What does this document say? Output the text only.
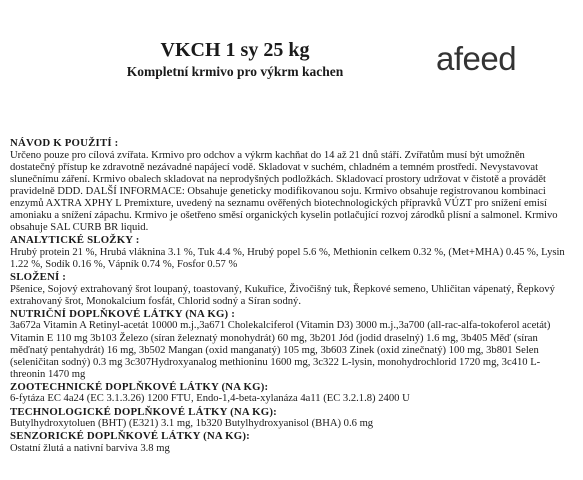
VKCH 1 sy 25 kg
Kompletní krmivo pro výkrm kachen	afeed
NÁVOD K POUŽITÍ :

Určeno pouze pro cílová zvířata. Krmivo pro odchov a výkrm kachňat do 14 až 21 dnů stáří. Zvířatům musí být umožněn dostatečný přístup ke zdravotně nezávadné napájecí vodě. Skladovat v suchém, chladném a temném prostředí. Nevystavovat slunečnímu záření. Krmivo obalech skladovat na neprodyšných podložkách. Skladovací prostory udržovat v čistotě a provádět pravidelně DDD. DALŠÍ INFORMACE: Obsahuje geneticky modifikovanou soju. Krmivo obsahuje registrovanou kombinaci enzymů AXTRA XPHY L Premixture, uvedený na seznamu ověřených biotechnologických přípravků VÚZT pro snížení emisí amoniaku a snížení zápachu. Krmivo je ošetřeno směsí organických kyselin potlačující rozvoj zárodků plísní a salmonel. Krmivo obsahuje SAL CURB BR liquid.

ANALYTICKÉ SLOŽKY :

Hrubý protein 21 %, Hrubá vláknina 3.1 %, Tuk 4.4 %, Hrubý popel 5.6 %, Methionin celkem 0.32 %, (Met+MHA) 0.45 %, Lysin 1.22 %, Sodík 0.16 %, Vápník 0.74 %, Fosfor 0.57 %

SLOŽENÍ :

Pšenice, Sojový extrahovaný šrot loupaný, toastovaný, Kukuřice, Živočišný tuk, Řepkové semeno, Uhličitan vápenatý, Řepkový extrahovaný šrot, Monokalcium fosfát, Chlorid sodný a Síran sodný.

NUTRIČNÍ DOPLŇKOVÉ LÁTKY (NA KG) :

3a672a Vitamin A Retinyl-acetát 10000 m.j.,3a671 Cholekalciferol (Vitamin D3) 3000 m.j.,3a700 (all-rac-alfa-tokoferol acetát) Vitamin E 110 mg 3b103 Železo (síran železnatý monohydrát) 60 mg, 3b201 Jód (jodid draselný) 1.6 mg, 3b405 Měď (síran měďnatý pentahydrát) 16 mg, 3b502 Mangan (oxid manganatý) 105 mg, 3b603 Zinek (oxid zinečnatý) 100 mg, 3b801 Selen (seleničitan sodný) 0.3 mg 3c307Hydroxyanalog methioninu 1600 mg, 3c322 L-lysin, monohydrochlorid 1720 mg, 3c410 L-threonin 1470 mg

ZOOTECHNICKÉ DOPLŇKOVÉ LÁTKY (NA KG):

6-fytáza EC 4a24 (EC 3.1.3.26) 1200 FTU, Endo-1,4-beta-xylanáza 4a11 (EC 3.2.1.8) 2400 U

TECHNOLOGICKÉ DOPLŇKOVÉ LÁTKY (NA KG):

Butylhydroxytoluen (BHT) (E321) 3.1 mg, 1b320 Butylhydroxyanisol (BHA) 0.6 mg

SENZORICKÉ DOPLŇKOVÉ LÁTKY (NA KG):

Ostatní žlutá a nativní barviva 3.8 mg
